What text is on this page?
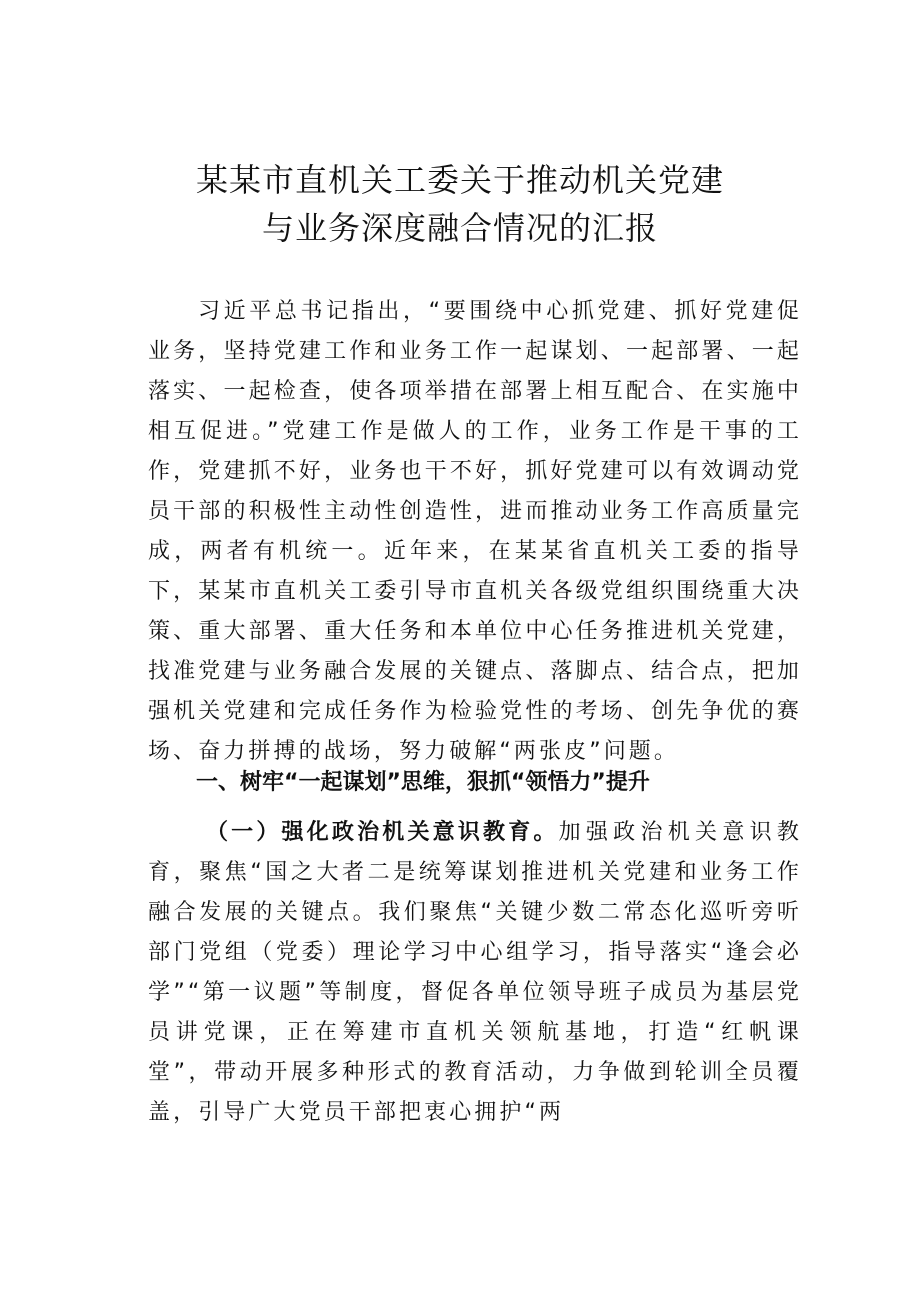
某某市直机关工委关于推动机关党建
与业务深度融合情况的汇报

习近平总书记指出，“要围绕中心抓党建、抓好党建促业务，坚持党建工作和业务工作一起谋划、一起部署、一起落实、一起检查，使各项举措在部署上相互配合、在实施中相互促进。”党建工作是做人的工作，业务工作是干事的工作，党建抓不好，业务也干不好，抓好党建可以有效调动党员干部的积极性主动性创造性，进而推动业务工作高质量完成，两者有机统一。近年来，在某某省直机关工委的指导下，某某市直机关工委引导市直机关各级党组织围绕重大决策、重大部署、重大任务和本单位中心任务推进机关党建，找准党建与业务融合发展的关键点、落脚点、结合点，把加强机关党建和完成任务作为检验党性的考场、创先争优的赛场、奋力拼搏的战场，努力破解“两张皮”问题。

一、树牢“一起谋划”思维，狠抓“领悟力”提升

（一）强化政治机关意识教育。加强政治机关意识教育，聚焦“国之大者二是统筹谋划推进机关党建和业务工作融合发展的关键点。我们聚焦“关键少数二常态化巡听旁听部门党组（党委）理论学习中心组学习，指导落实“逢会必学”“第一议题”等制度，督促各单位领导班子成员为基层党员讲党课，正在筹建市直机关领航基地，打造“红帆课堂”，带动开展多种形式的教育活动，力争做到轮训全员覆盖，引导广大党员干部把衷心拥护“两
